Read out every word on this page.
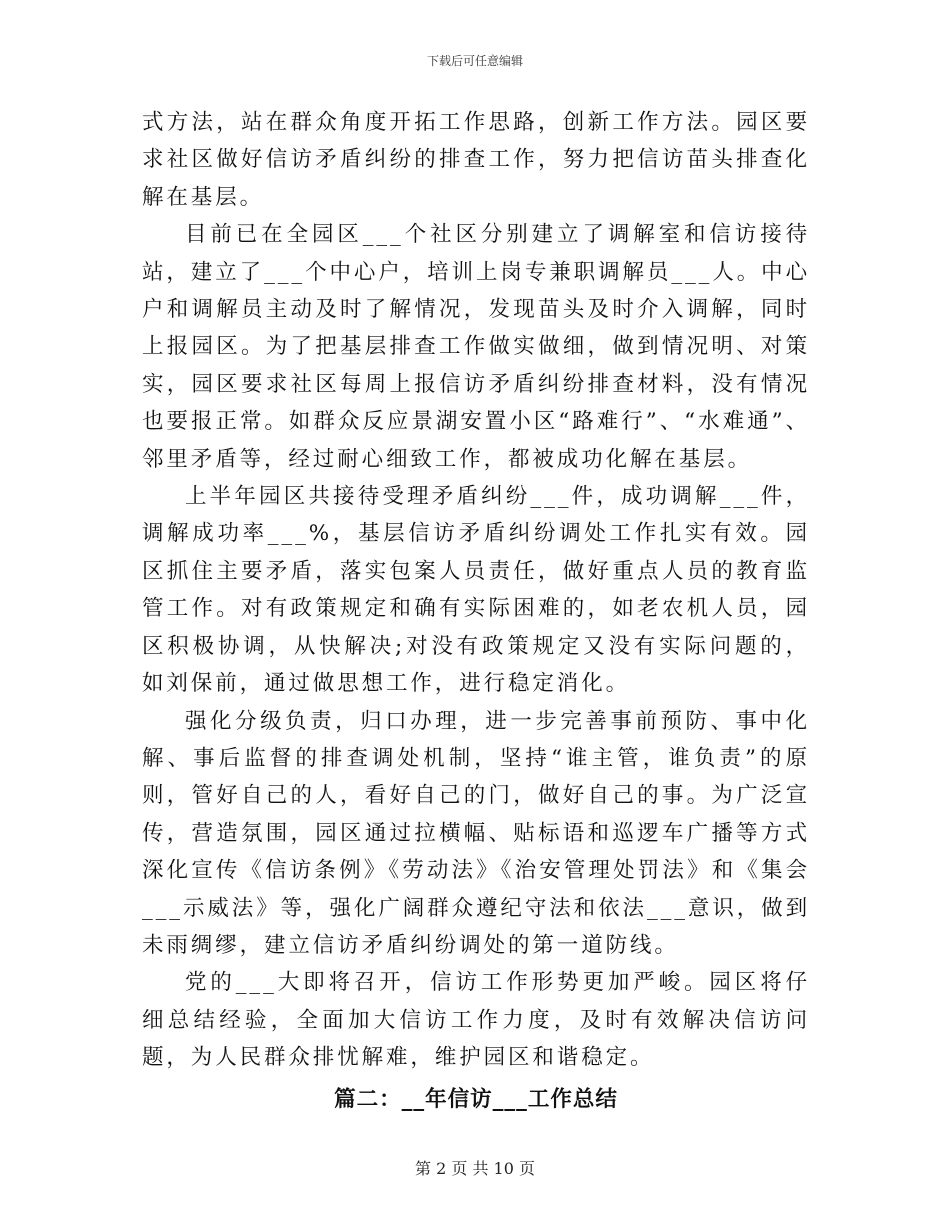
下载后可任意编辑

式方法，站在群众角度开拓工作思路，创新工作方法。园区要求社区做好信访矛盾纠纷的排查工作，努力把信访苗头排查化解在基层。

目前已在全园区___个社区分别建立了调解室和信访接待站，建立了___个中心户，培训上岗专兼职调解员___人。中心户和调解员主动及时了解情况，发现苗头及时介入调解，同时上报园区。为了把基层排查工作做实做细，做到情况明、对策实，园区要求社区每周上报信访矛盾纠纷排查材料，没有情况也要报正常。如群众反应景湖安置小区“路难行”、“水难通”、邻里矛盾等，经过耐心细致工作，都被成功化解在基层。

上半年园区共接待受理矛盾纠纷___件，成功调解___件，调解成功率___%，基层信访矛盾纠纷调处工作扎实有效。园区抓住主要矛盾，落实包案人员责任，做好重点人员的教育监管工作。对有政策规定和确有实际困难的，如老农机人员，园区积极协调，从快解决;对没有政策规定又没有实际问题的，如刘保前，通过做思想工作，进行稳定消化。

强化分级负责，归口办理，进一步完善事前预防、事中化解、事后监督的排查调处机制，坚持“谁主管，谁负责”的原则，管好自己的人，看好自己的门，做好自己的事。为广泛宣传，营造氛围，园区通过拉横幅、贴标语和巡逻车广播等方式深化宣传《信访条例》《劳动法》《治安管理处罚法》和《集会___示威法》等，强化广阔群众遵纪守法和依法___意识，做到未雨绸缪，建立信访矛盾纠纷调处的第一道防线。

党的___大即将召开，信访工作形势更加严峻。园区将仔细总结经验，全面加大信访工作力度，及时有效解决信访问题，为人民群众排忧解难，维护园区和谐稳定。

篇二：__年信访___工作总结
第 2 页 共 10 页
